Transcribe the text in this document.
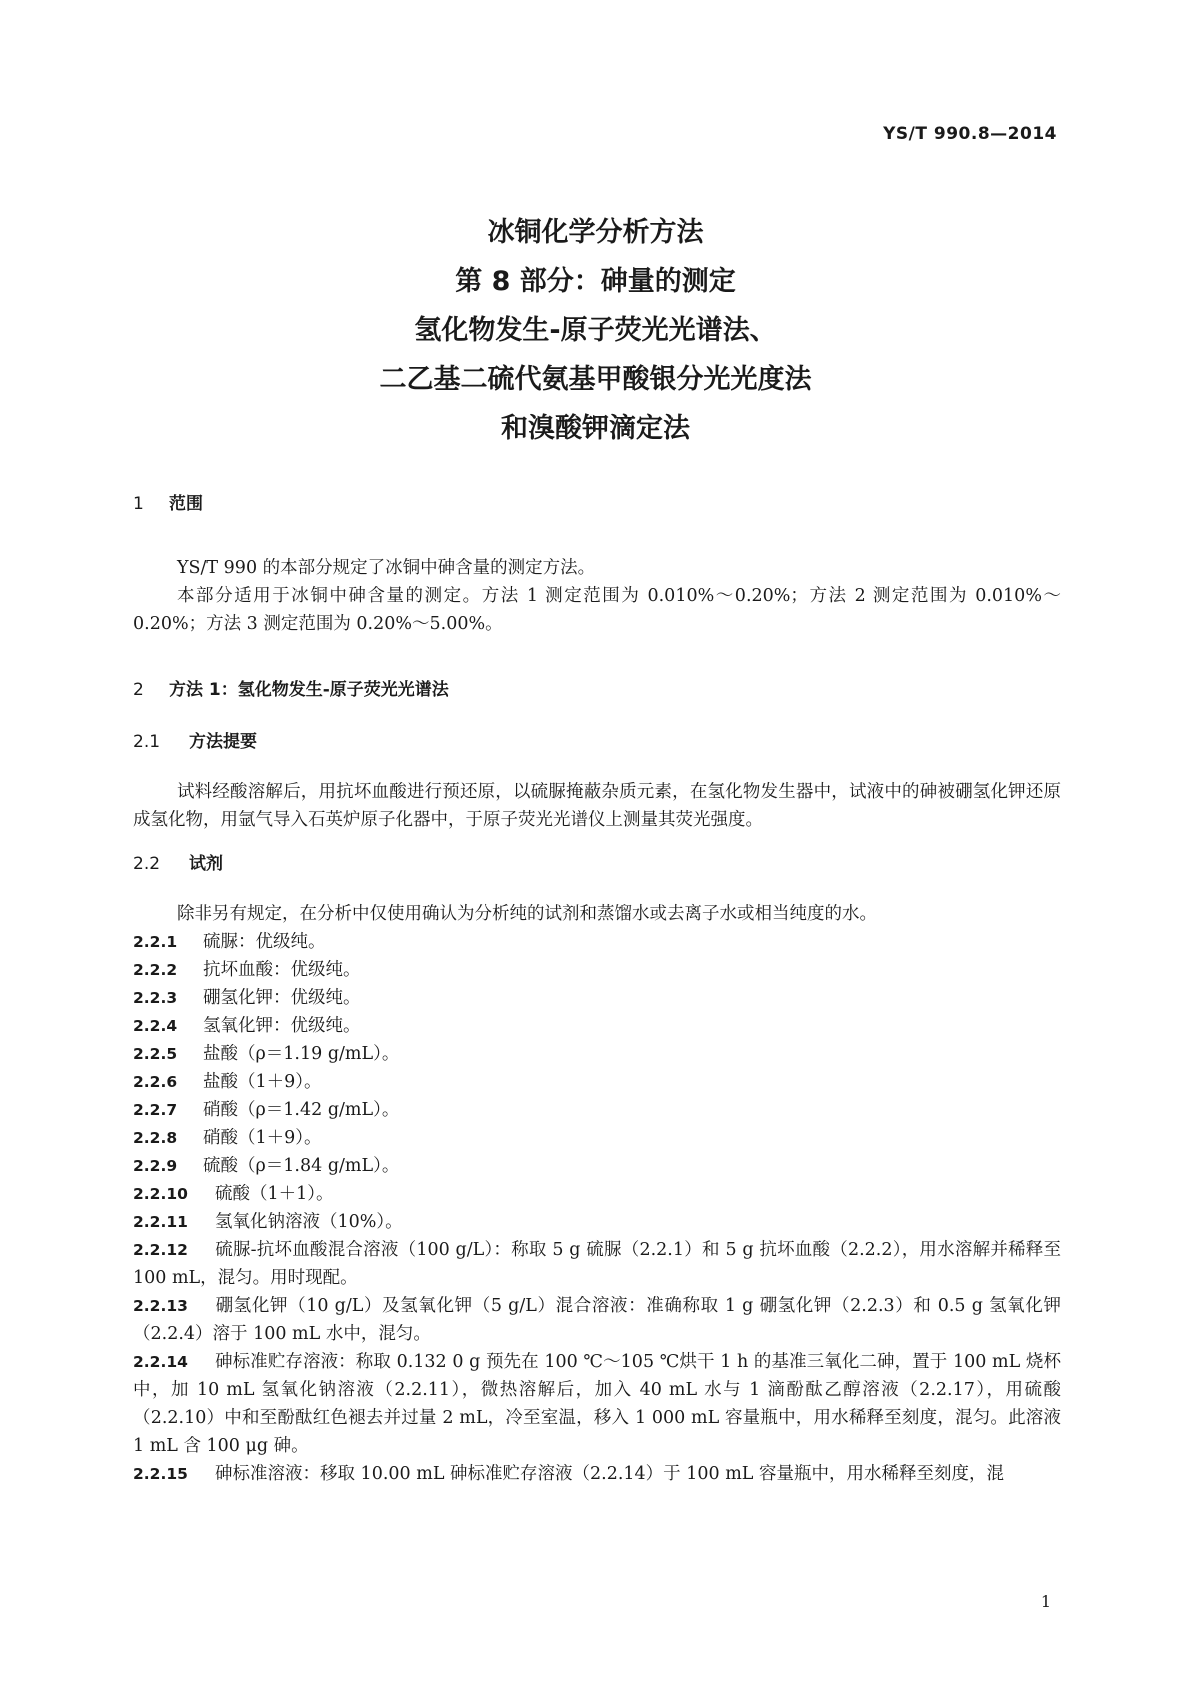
YS/T 990.8—2014
冰铜化学分析方法
第 8 部分：砷量的测定
氢化物发生-原子荧光光谱法、
二乙基二硫代氨基甲酸银分光光度法
和溴酸钾滴定法
1 范围
YS/T 990 的本部分规定了冰铜中砷含量的测定方法。
本部分适用于冰铜中砷含量的测定。方法 1 测定范围为 0.010%～0.20%；方法 2 测定范围为 0.010%～0.20%；方法 3 测定范围为 0.20%～5.00%。
2 方法 1：氢化物发生-原子荧光光谱法
2.1 方法提要
试料经酸溶解后，用抗坏血酸进行预还原，以硫脲掩蔽杂质元素，在氢化物发生器中，试液中的砷被硼氢化钾还原成氢化物，用氩气导入石英炉原子化器中，于原子荧光光谱仪上测量其荧光强度。
2.2 试剂
除非另有规定，在分析中仅使用确认为分析纯的试剂和蒸馏水或去离子水或相当纯度的水。
2.2.1 硫脲：优级纯。
2.2.2 抗坏血酸：优级纯。
2.2.3 硼氢化钾：优级纯。
2.2.4 氢氧化钾：优级纯。
2.2.5 盐酸（ρ＝1.19 g/mL）。
2.2.6 盐酸（1＋9）。
2.2.7 硝酸（ρ＝1.42 g/mL）。
2.2.8 硝酸（1＋9）。
2.2.9 硫酸（ρ＝1.84 g/mL）。
2.2.10 硫酸（1＋1）。
2.2.11 氢氧化钠溶液（10%）。
2.2.12 硫脲-抗坏血酸混合溶液（100 g/L）：称取 5 g 硫脲（2.2.1）和 5 g 抗坏血酸（2.2.2），用水溶解并稀释至 100 mL，混匀。用时现配。
2.2.13 硼氢化钾（10 g/L）及氢氧化钾（5 g/L）混合溶液：准确称取 1 g 硼氢化钾（2.2.3）和 0.5 g 氢氧化钾（2.2.4）溶于 100 mL 水中，混匀。
2.2.14 砷标准贮存溶液：称取 0.132 0 g 预先在 100 ℃～105 ℃烘干 1 h 的基准三氧化二砷，置于 100 mL 烧杯中，加 10 mL 氢氧化钠溶液（2.2.11），微热溶解后，加入 40 mL 水与 1 滴酚酞乙醇溶液（2.2.17），用硫酸（2.2.10）中和至酚酞红色褪去并过量 2 mL，冷至室温，移入 1 000 mL 容量瓶中，用水稀释至刻度，混匀。此溶液 1 mL 含 100 μg 砷。
2.2.15 砷标准溶液：移取 10.00 mL 砷标准贮存溶液（2.2.14）于 100 mL 容量瓶中，用水稀释至刻度，混
1
